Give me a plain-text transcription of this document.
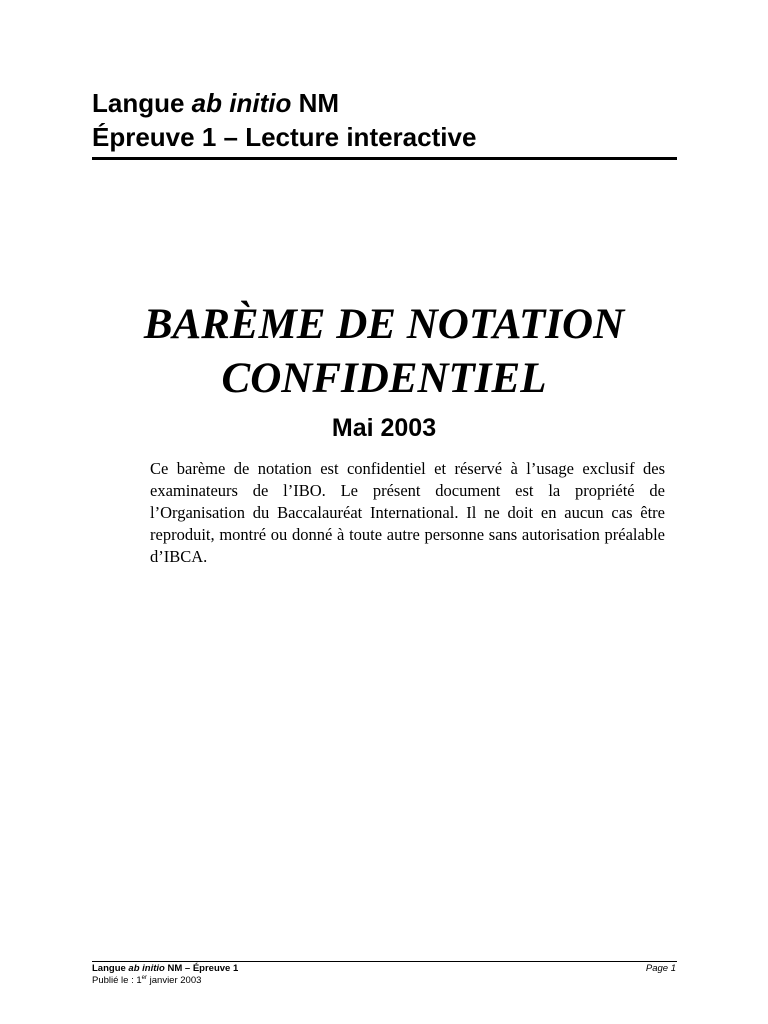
Langue ab initio NM
Épreuve 1 – Lecture interactive
BARÈME DE NOTATION
CONFIDENTIEL
Mai 2003
Ce barème de notation est confidentiel et réservé à l’usage exclusif des examinateurs de l’IBO. Le présent document est la propriété de l’Organisation du Baccalauréat International. Il ne doit en aucun cas être reproduit, montré ou donné à toute autre personne sans autorisation préalable d’IBCA.
Langue ab initio NM – Épreuve 1
Publié le : 1er janvier 2003
Page 1
